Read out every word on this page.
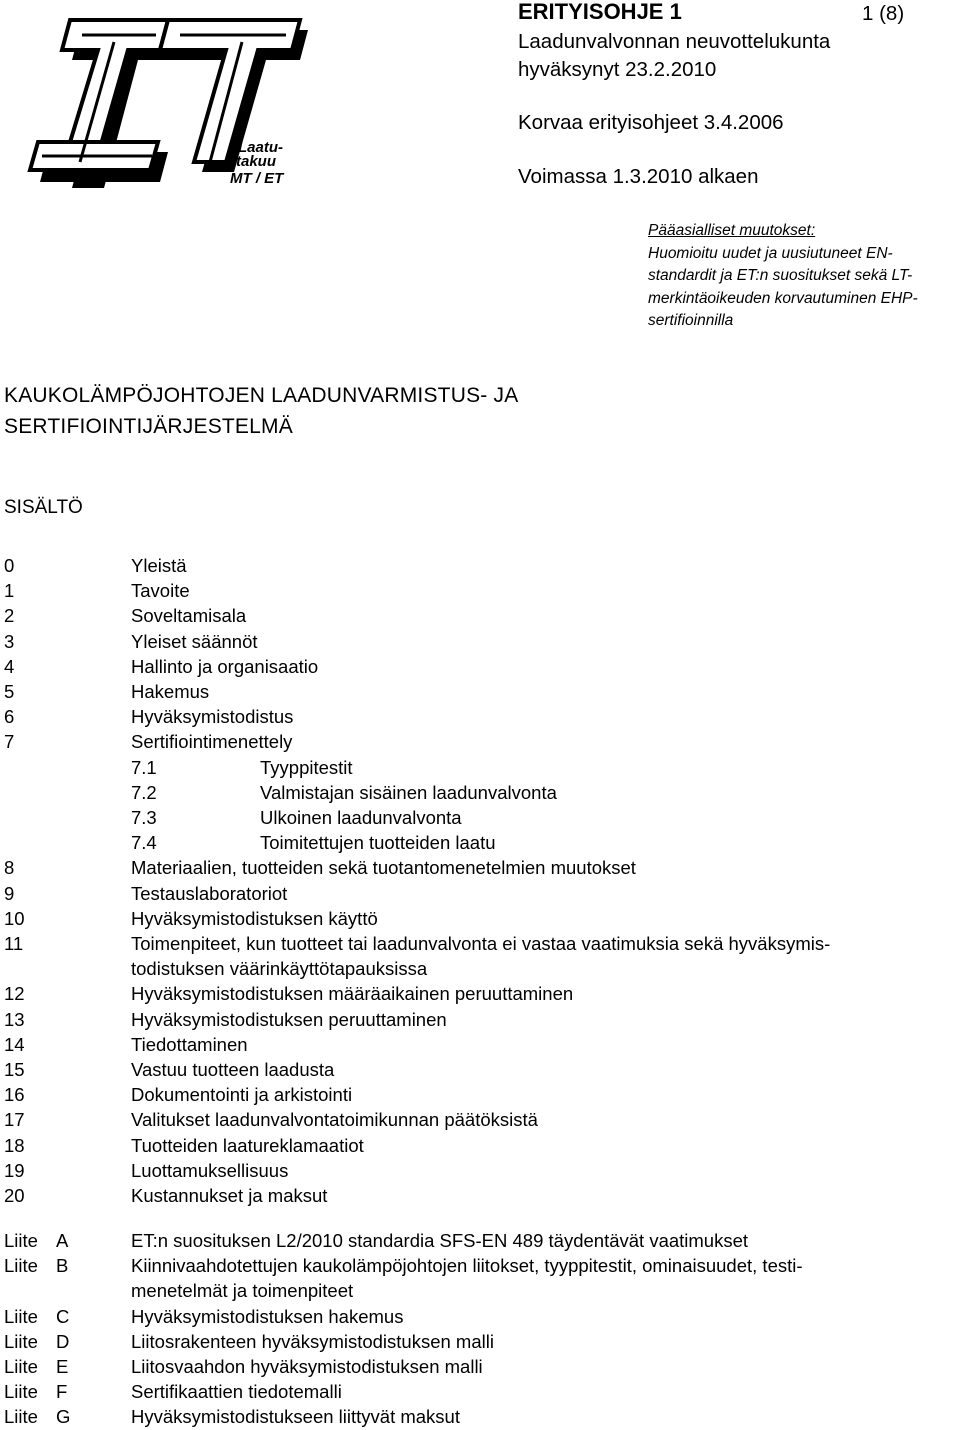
Laatu-
takuu
MT / ET
ERITYISOHJE 1	1 (8)
Laadunvalvonnan neuvottelukunta
hyväksynyt 23.2.2010
Korvaa erityisohjeet 3.4.2006
Voimassa 1.3.2010 alkaen
Pääasialliset muutokset:
Huomioitu uudet ja uusiutuneet EN-
standardit ja ET:n suositukset sekä LT-
merkintäoikeuden korvautuminen EHP-
sertifioinnilla
KAUKOLÄMPÖJOHTOJEN LAADUNVARMISTUS- JA
SERTIFIOINTIJÄRJESTELMÄ
SISÄLTÖ
0	Yleistä
1	Tavoite
2	Soveltamisala
3	Yleiset säännöt
4	Hallinto ja organisaatio
5	Hakemus
6	Hyväksymistodistus
7	Sertifiointimenettely
7.1	Tyyppitestit
7.2	Valmistajan sisäinen laadunvalvonta
7.3	Ulkoinen laadunvalvonta
7.4	Toimitettujen tuotteiden laatu
8	Materiaalien, tuotteiden sekä tuotantomenetelmien muutokset
9	Testauslaboratoriot
10	Hyväksymistodistuksen käyttö
11	Toimenpiteet, kun tuotteet tai laadunvalvonta ei vastaa vaatimuksia sekä hyväksymis-
todistuksen väärinkäyttötapauksissa
12	Hyväksymistodistuksen määräaikainen peruuttaminen
13	Hyväksymistodistuksen peruuttaminen
14	Tiedottaminen
15	Vastuu tuotteen laadusta
16	Dokumentointi ja arkistointi
17	Valitukset laadunvalvontatoimikunnan päätöksistä
18	Tuotteiden laatureklamaatiot
19	Luottamuksellisuus
20	Kustannukset ja maksut
Liite A	ET:n suosituksen L2/2010 standardia SFS-EN 489 täydentävät vaatimukset
Liite B	Kiinnivaahdotettujen kaukolämpöjohtojen liitokset, tyyppitestit, ominaisuudet, testi-
menetelmät ja toimenpiteet
Liite C	Hyväksymistodistuksen hakemus
Liite D	Liitosrakenteen hyväksymistodistuksen malli
Liite E	Liitosvaahdon hyväksymistodistuksen malli
Liite F	Sertifikaattien tiedotemalli
Liite G	Hyväksymistodistukseen liittyvät maksut
